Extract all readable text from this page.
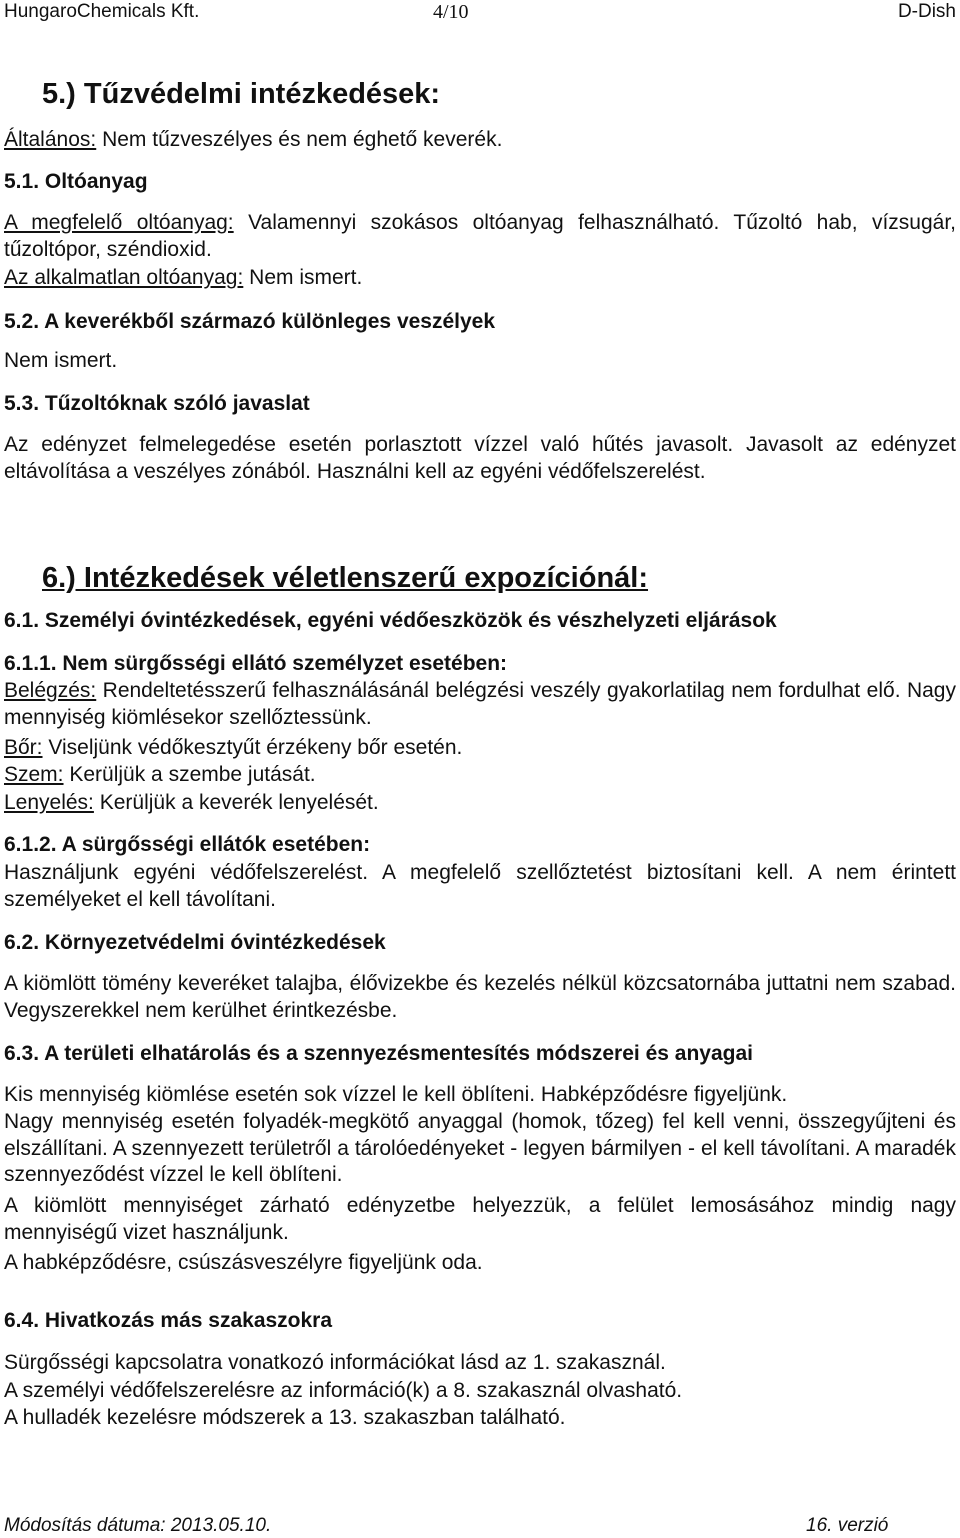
HungaroChemicals Kft.	4/10	D-Dish
5.) Tűzvédelmi intézkedések:
Általános: Nem tűzveszélyes és nem éghető keverék.
5.1. Oltóanyag
A megfelelő oltóanyag: Valamennyi szokásos oltóanyag felhasználható. Tűzoltó hab, vízsugár, tűzoltópor, széndioxid.
Az alkalmatlan oltóanyag: Nem ismert.
5.2. A keverékből származó különleges veszélyek
Nem ismert.
5.3. Tűzoltóknak szóló javaslat
Az edényzet felmelegedése esetén porlasztott vízzel való hűtés javasolt. Javasolt az edényzet eltávolítása a veszélyes zónából. Használni kell az egyéni védőfelszerelést.
6.) Intézkedések véletlenszerű expozíciónál:
6.1. Személyi óvintézkedések, egyéni védőeszközök és vészhelyzeti eljárások
6.1.1. Nem sürgősségi ellátó személyzet esetében:
Belégzés: Rendeltetésszerű felhasználásánál belégzési veszély gyakorlatilag nem fordulhat elő. Nagy mennyiség kiömlésekor szellőztessünk.
Bőr: Viseljünk védőkesztyűt érzékeny bőr esetén.
Szem: Kerüljük a szembe jutását.
Lenyelés: Kerüljük a keverék lenyelését.
6.1.2. A sürgősségi ellátók esetében:
Használjunk egyéni védőfelszerelést. A megfelelő szellőztetést biztosítani kell. A nem érintett személyeket el kell távolítani.
6.2. Környezetvédelmi óvintézkedések
A kiömlött tömény keveréket talajba, élővizekbe és kezelés nélkül közcsatornába juttatni nem szabad. Vegyszerekkel nem kerülhet érintkezésbe.
6.3. A területi elhatárolás és a szennyezésmentesítés módszerei és anyagai
Kis mennyiség kiömlése esetén sok vízzel le kell öblíteni. Habképződésre figyeljünk.
Nagy mennyiség esetén folyadék-megkötő anyaggal (homok, tőzeg) fel kell venni, összegyűjteni és elszállítani. A szennyezett területről a tárolóedényeket - legyen bármilyen - el kell távolítani. A maradék szennyeződést vízzel le kell öblíteni.
A kiömlött mennyiséget zárható edényzetbe helyezzük, a felület lemosásához mindig nagy mennyiségű vizet használjunk.
A habképződésre, csúszásveszélyre figyeljünk oda.
6.4. Hivatkozás más szakaszokra
Sürgősségi kapcsolatra vonatkozó információkat lásd az 1. szakasznál.
A személyi védőfelszerelésre az információ(k) a 8. szakasznál olvasható.
A hulladék kezelésre módszerek a 13. szakaszban található.
Módosítás dátuma: 2013.05.10.	16. verzió
